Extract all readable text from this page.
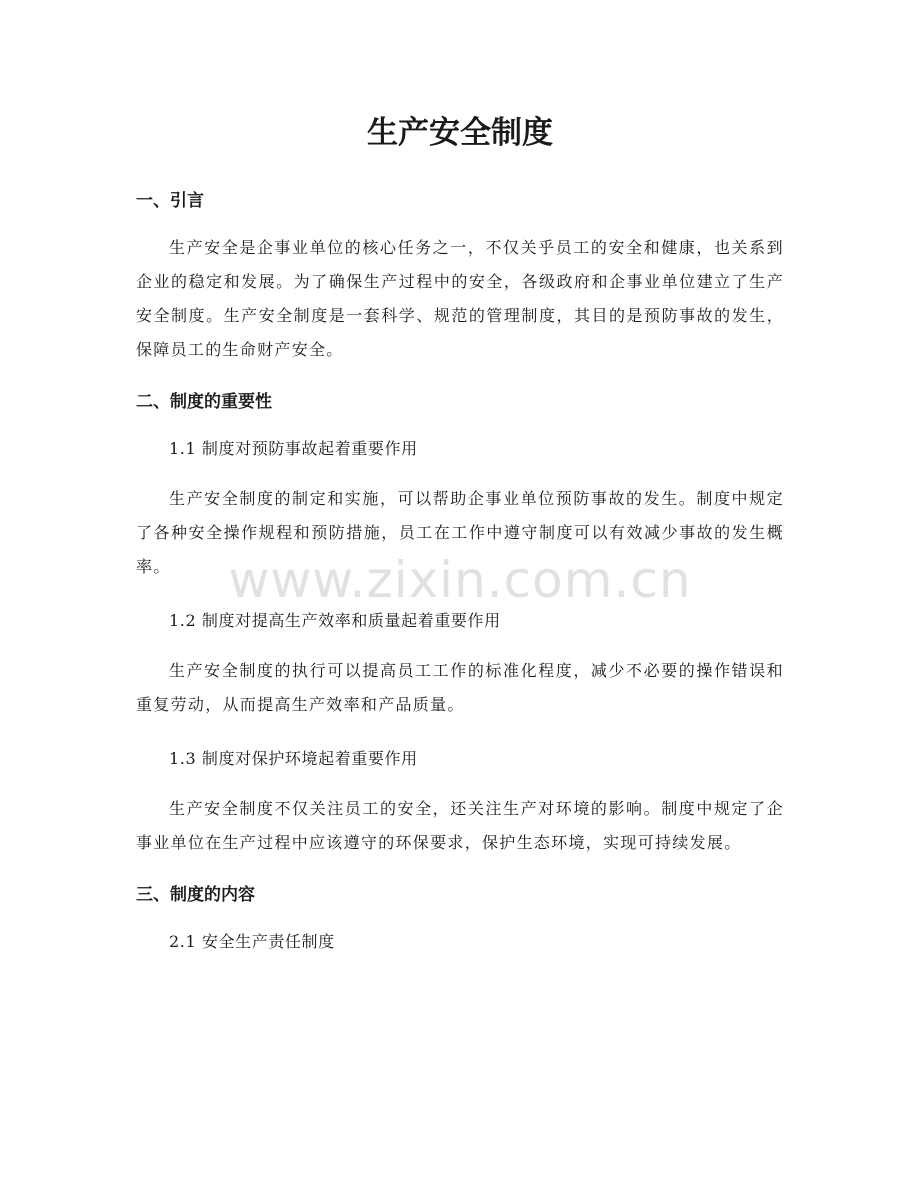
生产安全制度
一、引言

生产安全是企事业单位的核心任务之一，不仅关乎员工的安全和健康，也关系到企业的稳定和发展。为了确保生产过程中的安全，各级政府和企事业单位建立了生产安全制度。生产安全制度是一套科学、规范的管理制度，其目的是预防事故的发生，保障员工的生命财产安全。

二、制度的重要性
1.1 制度对预防事故起着重要作用

生产安全制度的制定和实施，可以帮助企事业单位预防事故的发生。制度中规定了各种安全操作规程和预防措施，员工在工作中遵守制度可以有效减少事故的发生概率。

1.2 制度对提高生产效率和质量起着重要作用

生产安全制度的执行可以提高员工工作的标准化程度，减少不必要的操作错误和重复劳动，从而提高生产效率和产品质量。

1.3 制度对保护环境起着重要作用

生产安全制度不仅关注员工的安全，还关注生产对环境的影响。制度中规定了企事业单位在生产过程中应该遵守的环保要求，保护生态环境，实现可持续发展。

三、制度的内容
2.1 安全生产责任制度
www.zixin.com.cn
